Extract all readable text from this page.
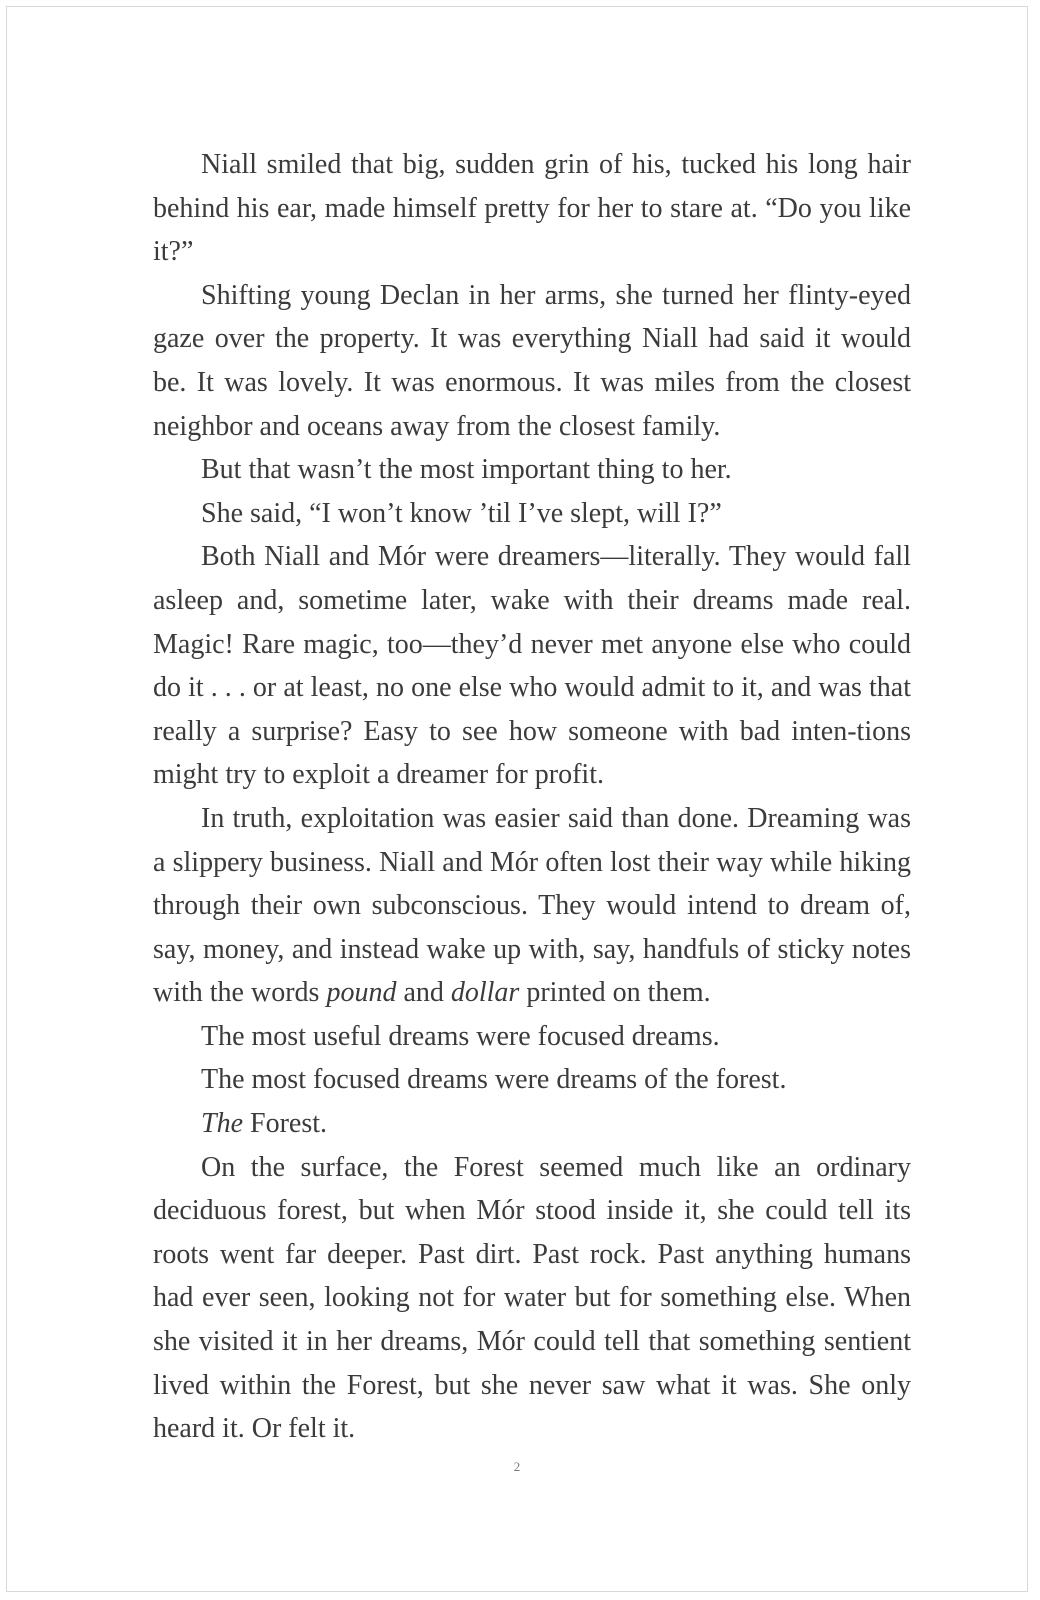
Niall smiled that big, sudden grin of his, tucked his long hair behind his ear, made himself pretty for her to stare at. “Do you like it?”

Shifting young Declan in her arms, she turned her flinty-eyed gaze over the property. It was everything Niall had said it would be. It was lovely. It was enormous. It was miles from the closest neighbor and oceans away from the closest family.

But that wasn’t the most important thing to her.

She said, “I won’t know ’til I’ve slept, will I?”

Both Niall and Mór were dreamers—literally. They would fall asleep and, sometime later, wake with their dreams made real. Magic! Rare magic, too—they’d never met anyone else who could do it . . . or at least, no one else who would admit to it, and was that really a surprise? Easy to see how someone with bad inten-tions might try to exploit a dreamer for profit.

In truth, exploitation was easier said than done. Dreaming was a slippery business. Niall and Mór often lost their way while hiking through their own subconscious. They would intend to dream of, say, money, and instead wake up with, say, handfuls of sticky notes with the words pound and dollar printed on them.

The most useful dreams were focused dreams.

The most focused dreams were dreams of the forest.

The Forest.

On the surface, the Forest seemed much like an ordinary deciduous forest, but when Mór stood inside it, she could tell its roots went far deeper. Past dirt. Past rock. Past anything humans had ever seen, looking not for water but for something else. When she visited it in her dreams, Mór could tell that something sentient lived within the Forest, but she never saw what it was. She only heard it. Or felt it.

2
